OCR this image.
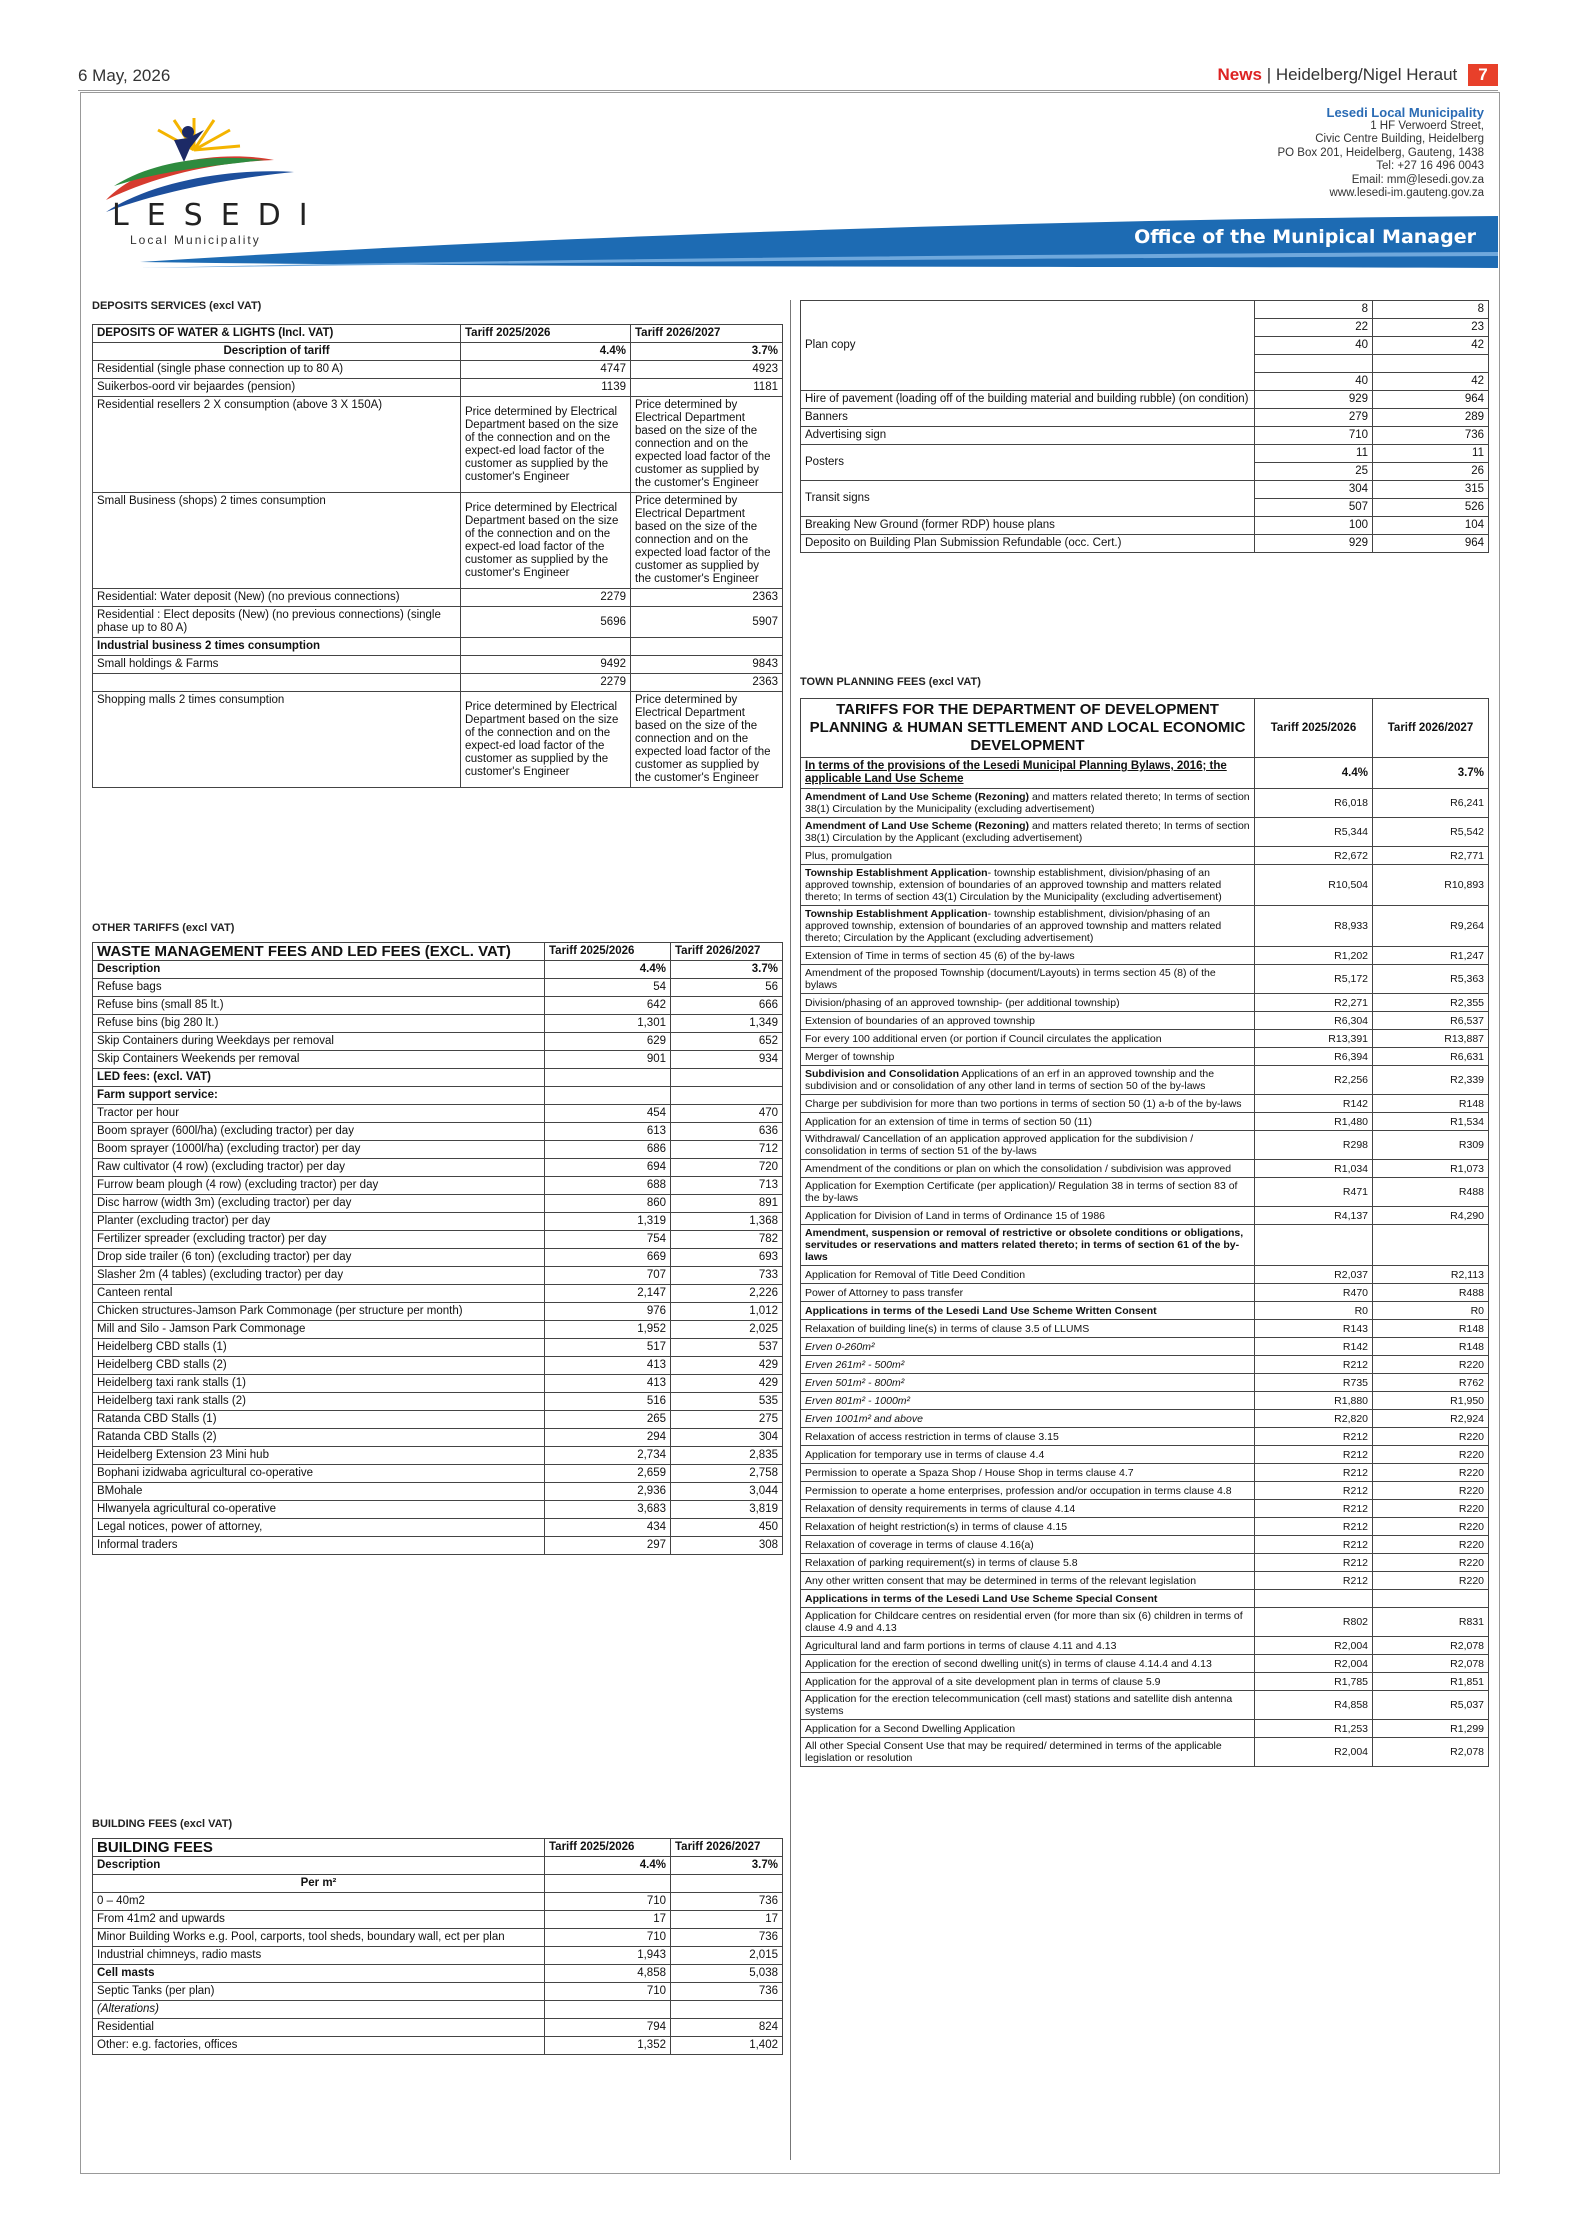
6 May, 2026	News | Heidelberg/Nigel Heraut 7
LESEDI
Local Municipality
Lesedi Local Municipality
1 HF Verwoerd Street,
Civic Centre Building, Heidelberg
PO Box 201, Heidelberg, Gauteng, 1438
Tel: +27 16 496 0043
Email: mm@lesedi.gov.za
www.lesedi-im.gauteng.gov.za
Office of the Munipical Manager
DEPOSITS SERVICES (excl VAT)
DEPOSITS OF WATER & LIGHTS (Incl. VAT)	Tariff 2025/2026	Tariff 2026/2027
Description of tariff	4.4%	3.7%
Residential (single phase connection up to 80 A)	4747	4923
Suikerbos-oord vir bejaardes (pension)	1139	1181
Residential resellers 2 X consumption (above 3 X 150A)	Price determined by Electrical Department based on the size of the connection and on the expect-ed load factor of the customer as supplied by the customer's Engineer	Price determined by Electrical Department based on the size of the connection and on the expected load factor of the customer as supplied by the customer's Engineer
Small Business (shops) 2 times consumption	Price determined by Electrical Department based on the size of the connection and on the expect-ed load factor of the customer as supplied by the customer's Engineer	Price determined by Electrical Department based on the size of the connection and on the expected load factor of the customer as supplied by the customer's Engineer
Residential: Water deposit (New) (no previous connections)	2279	2363
Residential : Elect deposits (New) (no previous connections) (single phase up to 80 A)	5696	5907
Industrial business 2 times consumption		
Small holdings & Farms	9492	9843
	2279	2363
Shopping malls 2 times consumption	Price determined by Electrical Department based on the size of the connection and on the expect-ed load factor of the customer as supplied by the customer's Engineer	Price determined by Electrical Department based on the size of the connection and on the expected load factor of the customer as supplied by the customer's Engineer
OTHER TARIFFS (excl VAT)
WASTE MANAGEMENT FEES AND LED FEES (EXCL. VAT)	Tariff 2025/2026	Tariff 2026/2027
Description	4.4%	3.7%
Refuse bags	54	56
Refuse bins (small 85 lt.)	642	666
Refuse bins (big 280 lt.)	1,301	1,349
Skip Containers during Weekdays per removal	629	652
Skip Containers Weekends per removal	901	934
LED fees: (excl. VAT)		
Farm support service:		
Tractor per hour	454	470
Boom sprayer (600l/ha) (excluding tractor) per day	613	636
Boom sprayer (1000l/ha) (excluding tractor) per day	686	712
Raw cultivator (4 row) (excluding tractor) per day	694	720
Furrow beam plough (4 row) (excluding tractor) per day	688	713
Disc harrow (width 3m) (excluding tractor) per day	860	891
Planter (excluding tractor) per day	1,319	1,368
Fertilizer spreader (excluding tractor) per day	754	782
Drop side trailer (6 ton) (excluding tractor) per day	669	693
Slasher 2m (4 tables) (excluding tractor) per day	707	733
Canteen rental	2,147	2,226
Chicken structures-Jamson Park Commonage (per structure per month)	976	1,012
Mill and Silo - Jamson Park Commonage	1,952	2,025
Heidelberg CBD stalls (1)	517	537
Heidelberg CBD stalls (2)	413	429
Heidelberg taxi rank stalls (1)	413	429
Heidelberg taxi rank stalls (2)	516	535
Ratanda CBD Stalls (1)	265	275
Ratanda CBD Stalls (2)	294	304
Heidelberg Extension 23 Mini hub	2,734	2,835
Bophani izidwaba agricultural co-operative	2,659	2,758
BMohale	2,936	3,044
Hlwanyela agricultural co-operative	3,683	3,819
Legal notices, power of attorney,	434	450
Informal traders	297	308
BUILDING FEES (excl VAT)
BUILDING FEES	Tariff 2025/2026	Tariff 2026/2027
Description	4.4%	3.7%
Per m²		
0 – 40m2	710	736
From 41m2 and upwards	17	17
Minor Building Works e.g. Pool, carports, tool sheds, boundary wall, ect per plan	710	736
Industrial chimneys, radio masts	1,943	2,015
Cell masts	4,858	5,038
Septic Tanks (per plan)	710	736
(Alterations)		
Residential	794	824
Other: e.g. factories, offices	1,352	1,402
Plan copy	8	8
	22	23
	40	42

	40	42
Hire of pavement (loading off of the building material and building rubble) (on condition)	929	964
Banners	279	289
Advertising sign	710	736
Posters	11	11
	25	26
Transit signs	304	315
	507	526
Breaking New Ground (former RDP) house plans	100	104
Deposito on Building Plan Submission Refundable (occ. Cert.)	929	964
TOWN PLANNING FEES (excl VAT)
TARIFFS FOR THE DEPARTMENT OF DEVELOPMENT PLANNING & HUMAN SETTLEMENT AND LOCAL ECONOMIC DEVELOPMENT	Tariff 2025/2026	Tariff 2026/2027
In terms of the provisions of the Lesedi Municipal Planning Bylaws, 2016; the applicable Land Use Scheme	4.4%	3.7%
Amendment of Land Use Scheme (Rezoning) and matters related thereto; In terms of section 38(1) Circulation by the Municipality (excluding advertisement)	R6,018	R6,241
Amendment of Land Use Scheme (Rezoning) and matters related thereto; In terms of section 38(1) Circulation by the Applicant (excluding advertisement)	R5,344	R5,542
Plus, promulgation	R2,672	R2,771
Township Establishment Application- township establishment, division/phasing of an approved township, extension of boundaries of an approved township and matters related thereto; In terms of section 43(1) Circulation by the Municipality (excluding advertisement)	R10,504	R10,893
Township Establishment Application- township establishment, division/phasing of an approved township, extension of boundaries of an approved township and matters related thereto; Circulation by the Applicant (excluding advertisement)	R8,933	R9,264
Extension of Time in terms of section 45 (6) of the by-laws	R1,202	R1,247
Amendment of the proposed Township (document/Layouts) in terms section 45 (8) of the bylaws	R5,172	R5,363
Division/phasing of an approved township- (per additional township)	R2,271	R2,355
Extension of boundaries of an approved township	R6,304	R6,537
For every 100 additional erven (or portion if Council circulates the application	R13,391	R13,887
Merger of township	R6,394	R6,631
Subdivision and Consolidation Applications of an erf in an approved township and the subdivision and or consolidation of any other land in terms of section 50 of the by-laws	R2,256	R2,339
Charge per subdivision for more than two portions in terms of section 50 (1) a-b of the by-laws	R142	R148
Application for an extension of time in terms of section 50 (11)	R1,480	R1,534
Withdrawal/ Cancellation of an application approved application for the subdivision / consolidation in terms of section 51 of the by-laws	R298	R309
Amendment of the conditions or plan on which the consolidation / subdivision was approved	R1,034	R1,073
Application for Exemption Certificate (per application)/ Regulation 38 in terms of section 83 of the by-laws	R471	R488
Application for Division of Land in terms of Ordinance 15 of 1986	R4,137	R4,290
Amendment, suspension or removal of restrictive or obsolete conditions or obligations, servitudes or reservations and matters related thereto; in terms of section 61 of the by-laws		
Application for Removal of Title Deed Condition	R2,037	R2,113
Power of Attorney to pass transfer	R470	R488
Applications in terms of the Lesedi Land Use Scheme Written Consent	R0	R0
Relaxation of building line(s) in terms of clause 3.5 of LLUMS	R143	R148
Erven 0-260m²	R142	R148
Erven 261m² - 500m²	R212	R220
Erven 501m² - 800m²	R735	R762
Erven 801m² - 1000m²	R1,880	R1,950
Erven 1001m² and above	R2,820	R2,924
Relaxation of access restriction in terms of clause 3.15	R212	R220
Application for temporary use in terms of clause 4.4	R212	R220
Permission to operate a Spaza Shop / House Shop in terms clause 4.7	R212	R220
Permission to operate a home enterprises, profession and/or occupation in terms clause 4.8	R212	R220
Relaxation of density requirements in terms of clause 4.14	R212	R220
Relaxation of height restriction(s) in terms of clause 4.15	R212	R220
Relaxation of coverage in terms of clause 4.16(a)	R212	R220
Relaxation of parking requirement(s) in terms of clause 5.8	R212	R220
Any other written consent that may be determined in terms of the relevant legislation	R212	R220
Applications in terms of the Lesedi Land Use Scheme Special Consent		
Application for Childcare centres on residential erven (for more than six (6) children in terms of clause 4.9 and 4.13	R802	R831
Agricultural land and farm portions in terms of clause 4.11 and 4.13	R2,004	R2,078
Application for the erection of second dwelling unit(s) in terms of clause 4.14.4 and 4.13	R2,004	R2,078
Application for the approval of a site development plan in terms of clause 5.9	R1,785	R1,851
Application for the erection telecommunication (cell mast) stations and satellite dish antenna systems	R4,858	R5,037
Application for a Second Dwelling Application	R1,253	R1,299
All other Special Consent Use that may be required/ determined in terms of the applicable legislation or resolution	R2,004	R2,078
